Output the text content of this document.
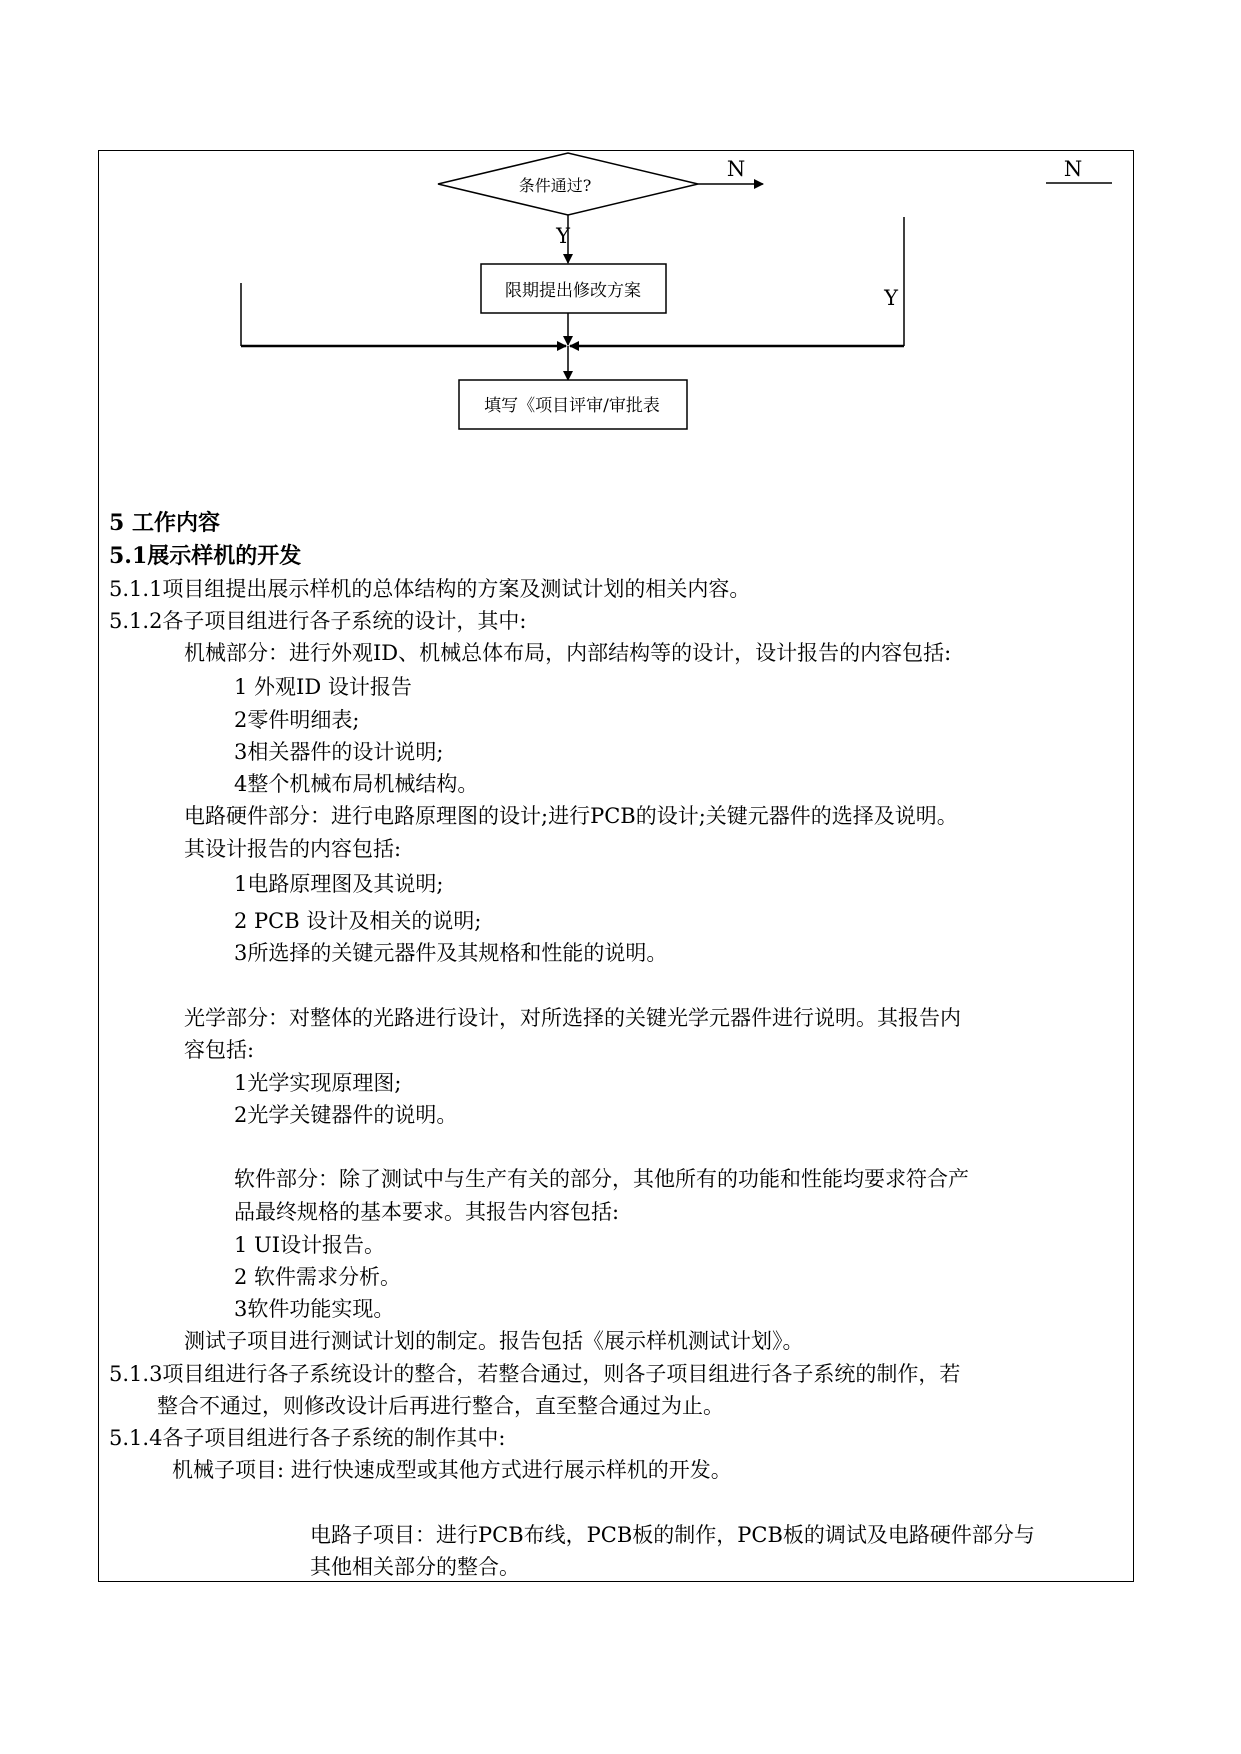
条件通过?
N	N
Y
限期提出修改方案	Y
填写《项目评审/审批表
5 工作内容
5.1展示样机的开发
5.1.1项目组提出展示样机的总体结构的方案及测试计划的相关内容。
5.1.2各子项目组进行各子系统的设计，其中:
机械部分：进行外观ID、机械总体布局，内部结构等的设计，设计报告的内容包括:
1 外观ID 设计报告
2零件明细表;
3相关器件的设计说明;
4整个机械布局机械结构。
电路硬件部分：进行电路原理图的设计;进行PCB的设计;关键元器件的选择及说明。
其设计报告的内容包括:
1电路原理图及其说明;
2 PCB 设计及相关的说明;
3所选择的关键元器件及其规格和性能的说明。
光学部分：对整体的光路进行设计，对所选择的关键光学元器件进行说明。其报告内
容包括:
1光学实现原理图;
2光学关键器件的说明。
软件部分：除了测试中与生产有关的部分，其他所有的功能和性能均要求符合产
品最终规格的基本要求。其报告内容包括:
1 UI设计报告。
2 软件需求分析。
3软件功能实现。
测试子项目进行测试计划的制定。报告包括《展示样机测试计划》。
5.1.3项目组进行各子系统设计的整合，若整合通过，则各子项目组进行各子系统的制作，若
整合不通过，则修改设计后再进行整合，直至整合通过为止。
5.1.4各子项目组进行各子系统的制作其中:
机械子项目: 进行快速成型或其他方式进行展示样机的开发。
电路子项目：进行PCB布线，PCB板的制作，PCB板的调试及电路硬件部分与
其他相关部分的整合。
